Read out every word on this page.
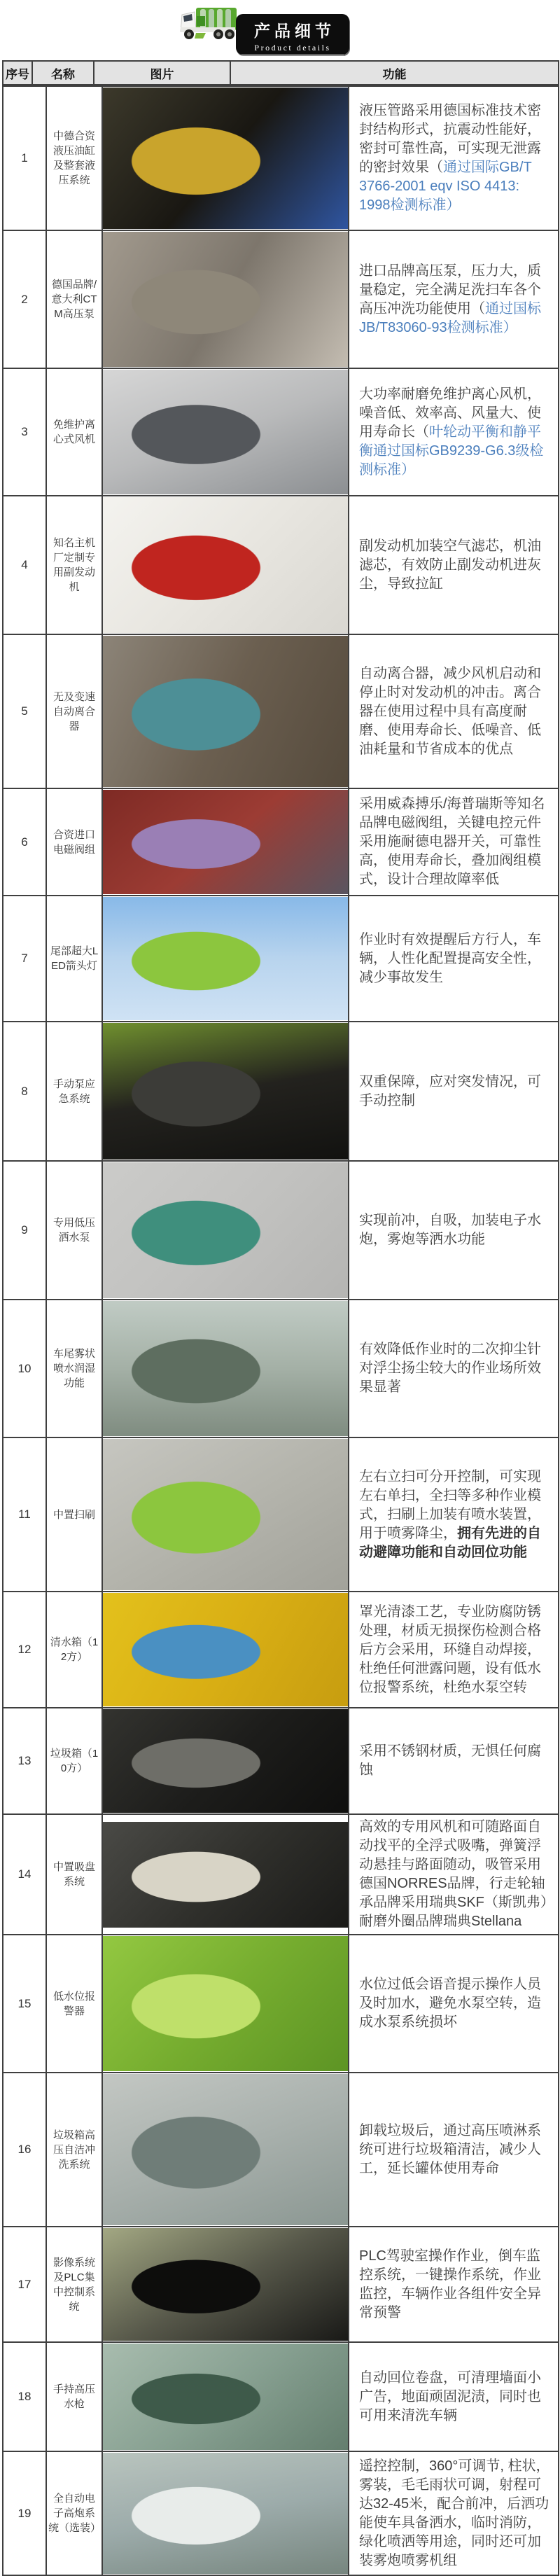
产品细节
Product details
序号	名称	图片	功能
1	中德合资液压油缸及整套液压系统		液压管路采用德国标准技术密封结构形式，抗震动性能好，密封可靠性高，可实现无泄露的密封效果（通过国际GB/T 3766-2001 eqv ISO 4413: 1998检测标准）
2	德国品牌/意大利CTM高压泵		进口品牌高压泵，压力大，质量稳定，完全满足洗扫车各个高压冲洗功能使用（通过国标JB/T83060-93检测标准）
3	免维护离心式风机		大功率耐磨免维护离心风机，噪音低、效率高、风量大、使用寿命长（叶轮动平衡和静平衡通过国标GB9239-G6.3级检测标准）
4	知名主机厂定制专用副发动机		副发动机加装空气滤芯，机油滤芯，有效防止副发动机进灰尘，导致拉缸
5	无及变速自动离合器		自动离合器，减少风机启动和停止时对发动机的冲击。离合器在使用过程中具有高度耐磨、使用寿命长、低噪音、低油耗量和节省成本的优点
6	合资进口电磁阀组		采用威森搏乐/海普瑞斯等知名品牌电磁阀组，关键电控元件采用施耐德电器开关，可靠性高，使用寿命长，叠加阀组模式，设计合理故障率低
7	尾部超大LED箭头灯		作业时有效提醒后方行人，车辆，人性化配置提高安全性，减少事故发生
8	手动泵应急系统		双重保障，应对突发情况，可手动控制
9	专用低压洒水泵		实现前冲，自吸，加装电子水炮，雾炮等洒水功能
10	车尾雾状喷水润湿功能		有效降低作业时的二次抑尘针对浮尘扬尘较大的作业场所效果显著
11	中置扫刷		左右立扫可分开控制，可实现左右单扫，全扫等多种作业模式，扫刷上加装有喷水装置，用于喷雾降尘，拥有先进的自动避障功能和自动回位功能
12	清水箱（12方）		罩光清漆工艺，专业防腐防锈处理，材质无损探伤检测合格后方会采用，环缝自动焊接，杜绝任何泄露问题，设有低水位报警系统，杜绝水泵空转
13	垃圾箱（10方）		采用不锈钢材质，无惧任何腐蚀
14	中置吸盘系统		高效的专用风机和可随路面自动找平的全浮式吸嘴，弹簧浮动悬挂与路面随动，吸管采用德国NORRES品牌，行走轮轴承品牌采用瑞典SKF（斯凯弗）耐磨外圈品牌瑞典Stellana
15	低水位报警器		水位过低会语音提示操作人员及时加水，避免水泵空转，造成水泵系统损坏
16	垃圾箱高压自洁冲洗系统		卸载垃圾后，通过高压喷淋系统可进行垃圾箱清洁，减少人工，延长罐体使用寿命
17	影像系统及PLC集中控制系统		PLC驾驶室操作作业，倒车监控系统，一键操作系统，作业监控，车辆作业各组件安全异常预警
18	手持高压水枪		自动回位卷盘，可清理墙面小广告，地面顽固泥渍，同时也可用来清洗车辆
19	全自动电子高炮系统（选装）		遥控控制，360°可调节, 柱状，雾装，毛毛雨状可调，射程可达32-45米，配合前冲，后洒功能使车具备洒水，临时消防，绿化喷洒等用途，同时还可加装雾炮喷雾机组
